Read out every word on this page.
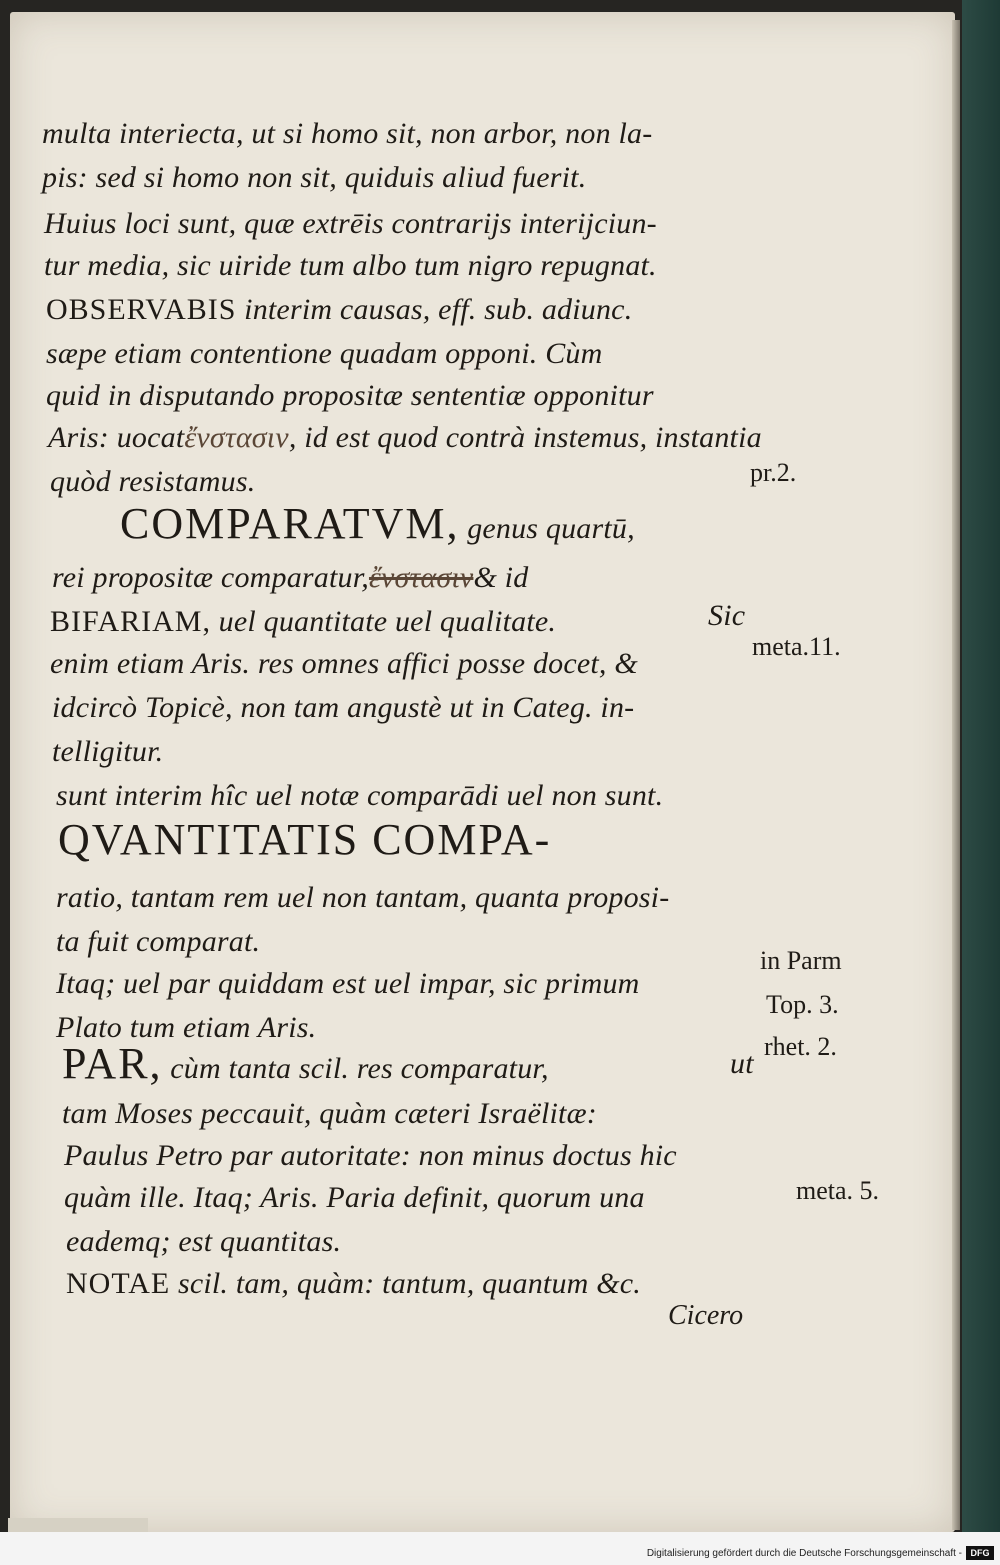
multa interiecta, ut si homo sit, non arbor, non la-
pis: sed si homo non sit, quiduis aliud fuerit.
Huius loci sunt, quæ extrēis contrarijs interijciun-
tur media, sic uiride tum albo tum nigro repugnat.
OBSERVABIS interim causas, eff. sub. adiunc.
sæpe etiam contentione quadam opponi. Cùm
quid in disputando propositæ sententiæ opponitur
Aris: uocatἔνστασιν, id est quod contrà instemus, instantia
quòd resistamus.	pr.2.
COMPARATVM, genus quartū,
rei propositæ comparatur,ἔνστασιν& id
BIFARIAM, uel quantitate uel qualitate.	Sic
enim etiam Aris. res omnes affici posse docet, &
meta.11.
idcircò Topicè, non tam angustè ut in Categ. in-
telligitur.
sunt interim hîc uel notæ comparādi uel non sunt.
QVANTITATIS COMPA-
ratio, tantam rem uel non tantam, quanta proposi-
ta fuit comparat.
Itaq; uel par quiddam est uel impar, sic primum
in Parm
Plato tum etiam Aris.
Top. 3.
PAR, cùm tanta scil. res comparatur,	ut
rhet. 2.
tam Moses peccauit, quàm cæteri Israëlitæ:
Paulus Petro par autoritate: non minus doctus hic
quàm ille. Itaq; Aris. Paria definit, quorum una	meta. 5.
eademq; est quantitas.
NOTAE scil. tam, quàm: tantum, quantum &c.
Cicero
Digitalisierung gefördert durch die Deutsche Forschungsgemeinschaft - DFG
